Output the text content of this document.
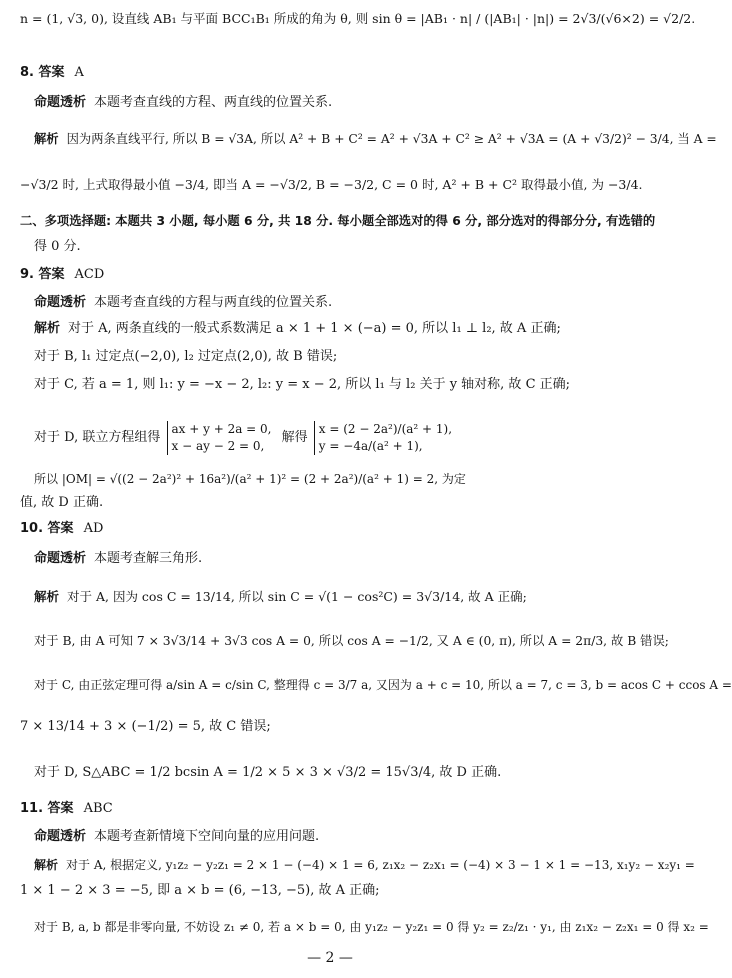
n = (1, √3, 0), 设直线 AB₁ 与平面 BCC₁B₁ 所成的角为 θ, 则 sin θ = |AB₁ · n| / (|AB₁| · |n|) = 2√3/(√6×2) = √2/2.
8. 答案 A
命题透析 本题考查直线的方程、两直线的位置关系.
解析 因为两条直线平行, 所以 B = √3A, 所以 A² + B + C² = A² + √3A + C² ≥ A² + √3A = (A + √3/2)² − 3/4, 当 A =
−√3/2 时, 上式取得最小值 −3/4, 即当 A = −√3/2, B = −3/2, C = 0 时, A² + B + C² 取得最小值, 为 −3/4.
二、多项选择题: 本题共 3 小题, 每小题 6 分, 共 18 分. 每小题全部选对的得 6 分, 部分选对的得部分分, 有选错的
得 0 分.
9. 答案 ACD
命题透析 本题考查直线的方程与两直线的位置关系.
解析 对于 A, 两条直线的一般式系数满足 a × 1 + 1 × (−a) = 0, 所以 l₁ ⊥ l₂, 故 A 正确;
对于 B, l₁ 过定点(−2,0), l₂ 过定点(2,0), 故 B 错误;
对于 C, 若 a = 1, 则 l₁: y = −x − 2, l₂: y = x − 2, 所以 l₁ 与 l₂ 关于 y 轴对称, 故 C 正确;
对于 D, 联立方程组得
ax + y + 2a = 0,
x − ay − 2 = 0,
解得
x = (2 − 2a²)/(a² + 1),
y = −4a/(a² + 1),
所以 |OM| = √((2 − 2a²)² + 16a²)/(a² + 1)² = (2 + 2a²)/(a² + 1) = 2, 为定
值, 故 D 正确.
10. 答案 AD
命题透析 本题考查解三角形.
解析 对于 A, 因为 cos C = 13/14, 所以 sin C = √(1 − cos²C) = 3√3/14, 故 A 正确;
对于 B, 由 A 可知 7 × 3√3/14 + 3√3 cos A = 0, 所以 cos A = −1/2, 又 A ∈ (0, π), 所以 A = 2π/3, 故 B 错误;
对于 C, 由正弦定理可得 a/sin A = c/sin C, 整理得 c = 3/7 a, 又因为 a + c = 10, 所以 a = 7, c = 3, b = acos C + ccos A =
7 × 13/14 + 3 × (−1/2) = 5, 故 C 错误;
对于 D, S△ABC = 1/2 bcsin A = 1/2 × 5 × 3 × √3/2 = 15√3/4, 故 D 正确.
11. 答案 ABC
命题透析 本题考查新情境下空间向量的应用问题.
解析 对于 A, 根据定义, y₁z₂ − y₂z₁ = 2 × 1 − (−4) × 1 = 6, z₁x₂ − z₂x₁ = (−4) × 3 − 1 × 1 = −13, x₁y₂ − x₂y₁ =
1 × 1 − 2 × 3 = −5, 即 a × b = (6, −13, −5), 故 A 正确;
对于 B, a, b 都是非零向量, 不妨设 z₁ ≠ 0, 若 a × b = 0, 由 y₁z₂ − y₂z₁ = 0 得 y₂ = z₂/z₁ · y₁, 由 z₁x₂ − z₂x₁ = 0 得 x₂ =
— 2 —
